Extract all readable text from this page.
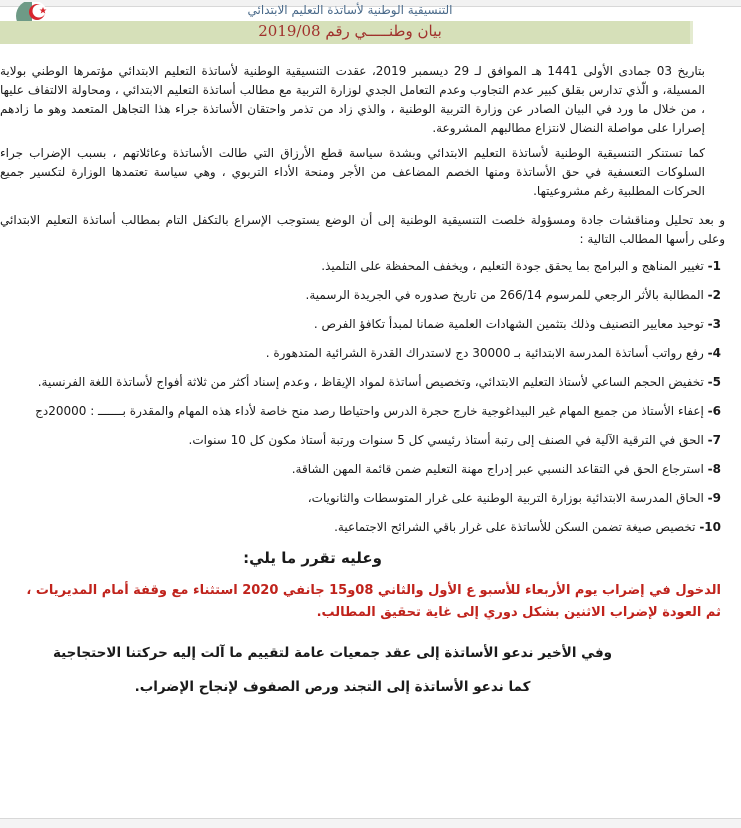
التنسيقية الوطنية لأساتذة التعليم الابتدائي
بيان وطنـــــي رقم 2019/08

بتاريخ 03 جمادى الأولى 1441 هـ الموافق لـ 29 ديسمبر 2019، عقدت التنسيقية الوطنية لأساتذة التعليم الابتدائي مؤتمرها الوطني بولاية المسيلة، و الّذي تدارس بقلق كبير عدم التجاوب وعدم التعامل الجدي لوزارة التربية مع مطالب أساتذة التعليم الابتدائي ، ومحاولة الالتفاف عليها ، من خلال ما ورد في البيان الصادر عن وزارة التربية الوطنية ، والذي زاد من تذمر واحتقان الأساتذة جراء هذا التجاهل المتعمد وهو ما زادهم إصرارا على مواصلة النضال لانتزاع مطالبهم المشروعة.

كما تستنكر التنسيقية الوطنية لأساتذة التعليم الابتدائي وبشدة سياسة قطع الأرزاق التي طالت الأساتذة وعائلاتهم ، بسبب الإضراب جراء السلوكات التعسفية في حق الأساتذة ومنها الخصم المضاعف من الأجر ومنحة الأداء التربوي ، وهي سياسة تعتمدها الوزارة لتكسير جميع الحركات المطلبية رغم مشروعيتها.

و بعد تحليل ومناقشات جادة ومسؤولة خلصت التنسيقية الوطنية إلى أن الوضع يستوجب الإسراع بالتكفل التام بمطالب أساتذة التعليم الابتدائي وعلى رأسها المطالب التالية :

1- تغيير المناهج و البرامج بما يحقق جودة التعليم ، ويخفف المحفظة على التلميذ.
2- المطالبة بالأثر الرجعي للمرسوم 266/14 من تاريخ صدوره في الجريدة الرسمية.
3- توحيد معايير التصنيف وذلك بتثمين الشهادات العلمية ضمانا لمبدأ تكافؤ الفرص .
4- رفع رواتب أساتذة المدرسة الابتدائية بـ 30000 دج لاستدراك القدرة الشرائية المتدهورة .
5- تخفيض الحجم الساعي لأستاذ التعليم الابتدائي، وتخصيص أساتذة لمواد الإيقاظ ، وعدم إسناد أكثر من ثلاثة أفواج لأساتذة اللغة الفرنسية.
6- إعفاء الأستاذ من جميع المهام غير البيداغوجية خارج حجرة الدرس واحتياطا رصد منح خاصة لأداء هذه المهام والمقدرة بـــــــ : 20000دج
7- الحق في الترقية الآلية في الصنف إلى رتبة أستاذ رئيسي كل 5 سنوات ورتبة أستاذ مكون كل 10 سنوات.
8- استرجاع الحق في التقاعد النسبي عبر إدراج مهنة التعليم ضمن قائمة المهن الشاقة.
9- الحاق المدرسة الابتدائية بوزارة التربية الوطنية على غرار المتوسطات والثانويات،
10- تخصيص صيغة تضمن السكن للأساتذة على غرار باقي الشرائح الاجتماعية.
وعليه تقرر ما يلي:
الدخول في إضراب يوم الأربعاء للأسبو ع الأول والثاني 08و15 جانفي 2020 استثناء مع وقفة أمام المديريات ، ثم العودة لإضراب الاثنين بشكل دوري إلى غاية تحقيق المطالب.
وفي الأخير ندعو الأساتذة إلى عقد جمعيات عامة لتقييم ما آلت إليه حركتنا الاحتجاجية
كما ندعو الأساتذة إلى التجند ورص الصفوف لإنجاح الإضراب.
